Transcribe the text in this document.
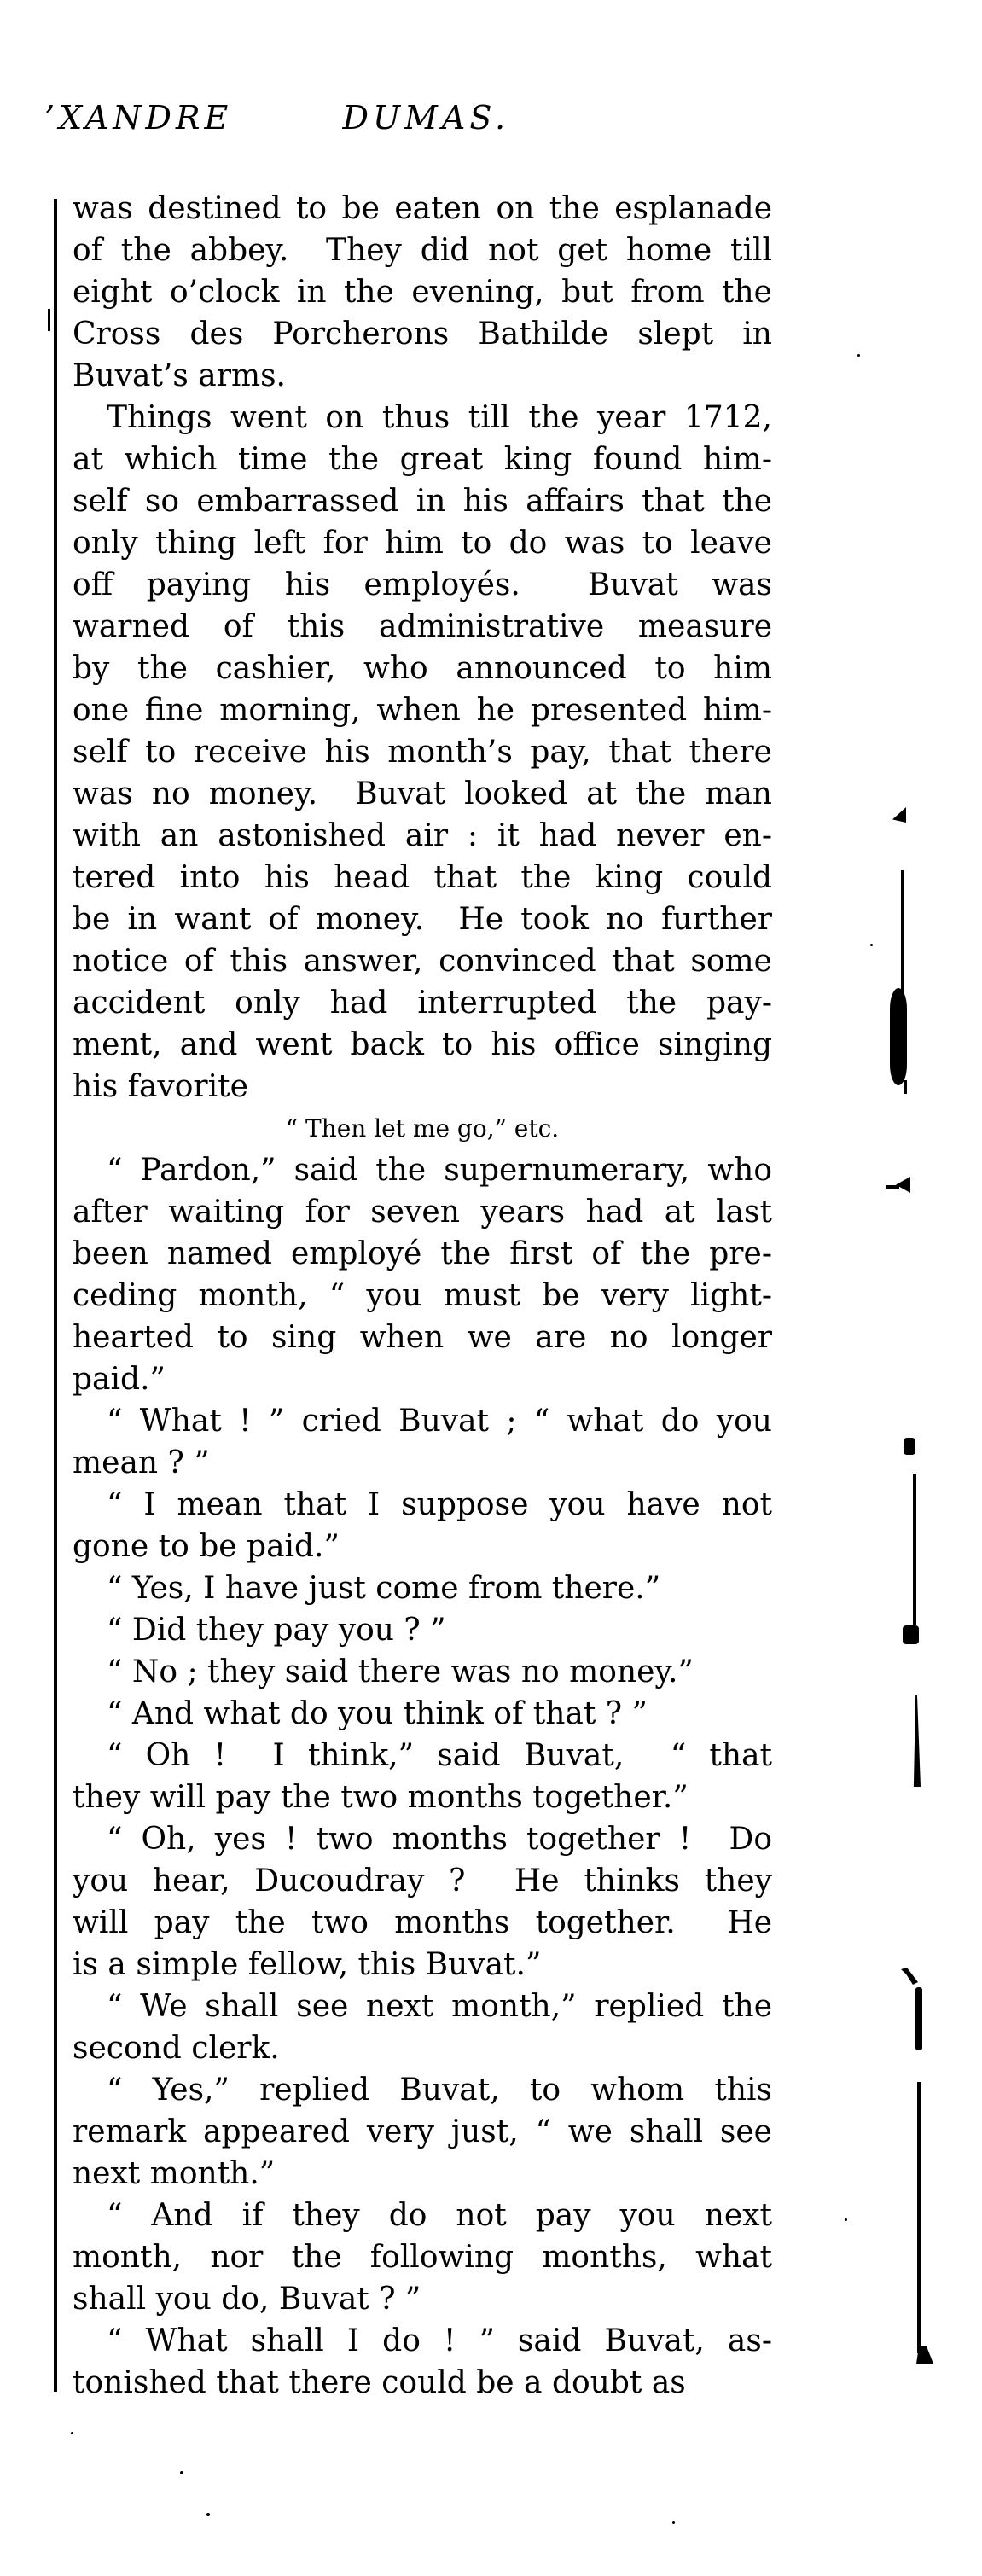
’XANDRE   DUMAS.
was destined to be eaten on the esplanade
of the abbey.  They did not get home till
eight o’clock in the evening, but from the
Cross des Porcherons Bathilde slept in
Buvat’s arms.
Things went on thus till the year 1712,
at which time the great king found him-
self so embarrassed in his affairs that the
only thing left for him to do was to leave
off paying his employés.  Buvat was
warned of this administrative measure
by the cashier, who announced to him
one fine morning, when he presented him-
self to receive his month’s pay, that there
was no money.  Buvat looked at the man
with an astonished air : it had never en-
tered into his head that the king could
be in want of money.  He took no further
notice of this answer, convinced that some
accident only had interrupted the pay-
ment, and went back to his office singing
his favorite
“ Then let me go,” etc.
“ Pardon,” said the supernumerary, who
after waiting for seven years had at last
been named employé the first of the pre-
ceding month, “ you must be very light-
hearted to sing when we are no longer
paid.”
“ What ! ” cried Buvat ; “ what do you
mean ? ”
“ I mean that I suppose you have not
gone to be paid.”
“ Yes, I have just come from there.”
“ Did they pay you ? ”
“ No ; they said there was no money.”
“ And what do you think of that ? ”
“ Oh !  I think,” said Buvat,  “ that
they will pay the two months together.”
“ Oh, yes ! two months together !  Do
you hear, Ducoudray ?  He thinks they
will pay the two months together.  He
is a simple fellow, this Buvat.”
“ We shall see next month,” replied the
second clerk.
“ Yes,” replied Buvat, to whom this
remark appeared very just, “ we shall see
next month.”
“ And if they do not pay you next
month, nor the following months, what
shall you do, Buvat ? ”
“ What shall I do ! ” said Buvat, as-
tonished that there could be a doubt as
